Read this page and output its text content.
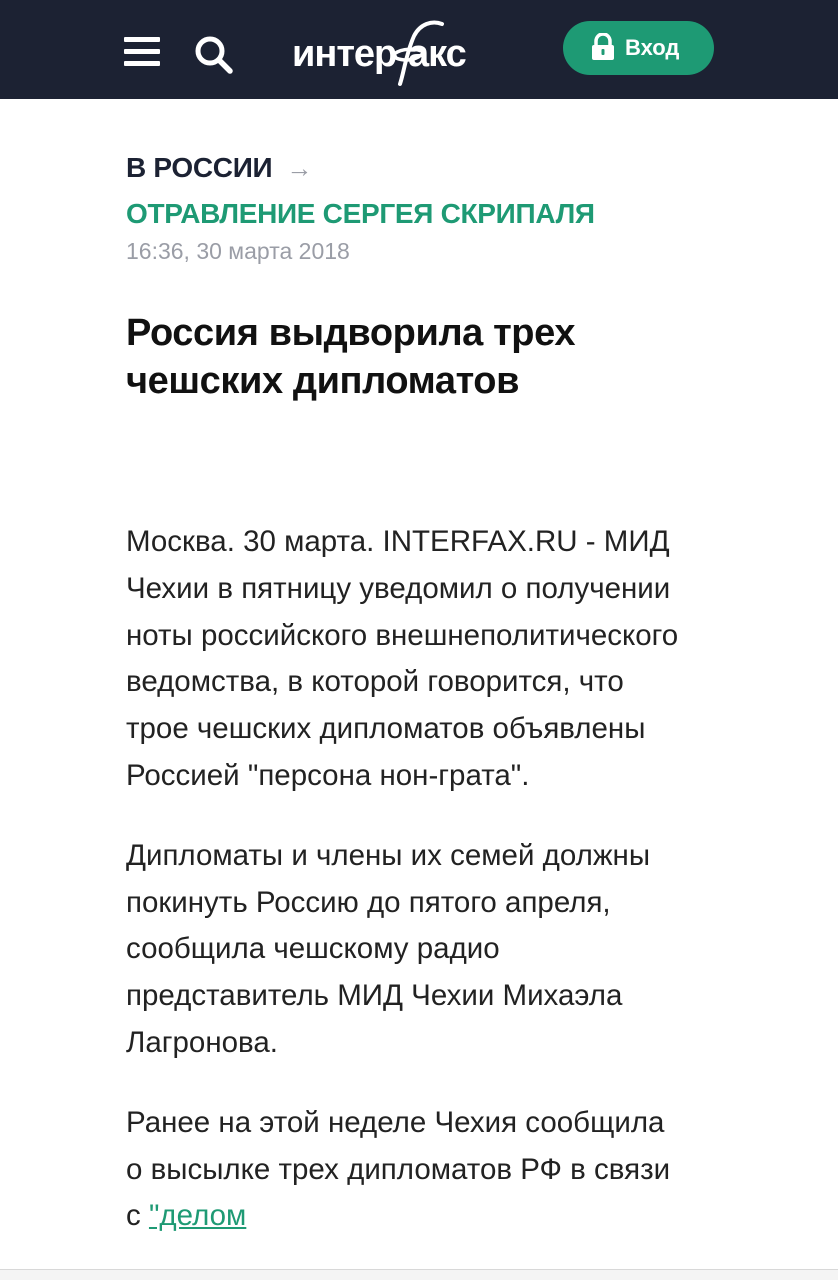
интер акс	Вход
В РОССИИ →
ОТРАВЛЕНИЕ СЕРГЕЯ СКРИПАЛЯ
16:36, 30 марта 2018
Россия выдворила трех чешских дипломатов

Москва. 30 марта. INTERFAX.RU - МИД Чехии в пятницу уведомил о получении ноты российского внешнеполитического ведомства, в которой говорится, что трое чешских дипломатов объявлены Россией "персона нон-грата".

Дипломаты и члены их семей должны покинуть Россию до пятого апреля, сообщила чешскому радио представитель МИД Чехии Михаэла Лагронова.

Ранее на этой неделе Чехия сообщила о высылке трех дипломатов РФ в связи с "делом
